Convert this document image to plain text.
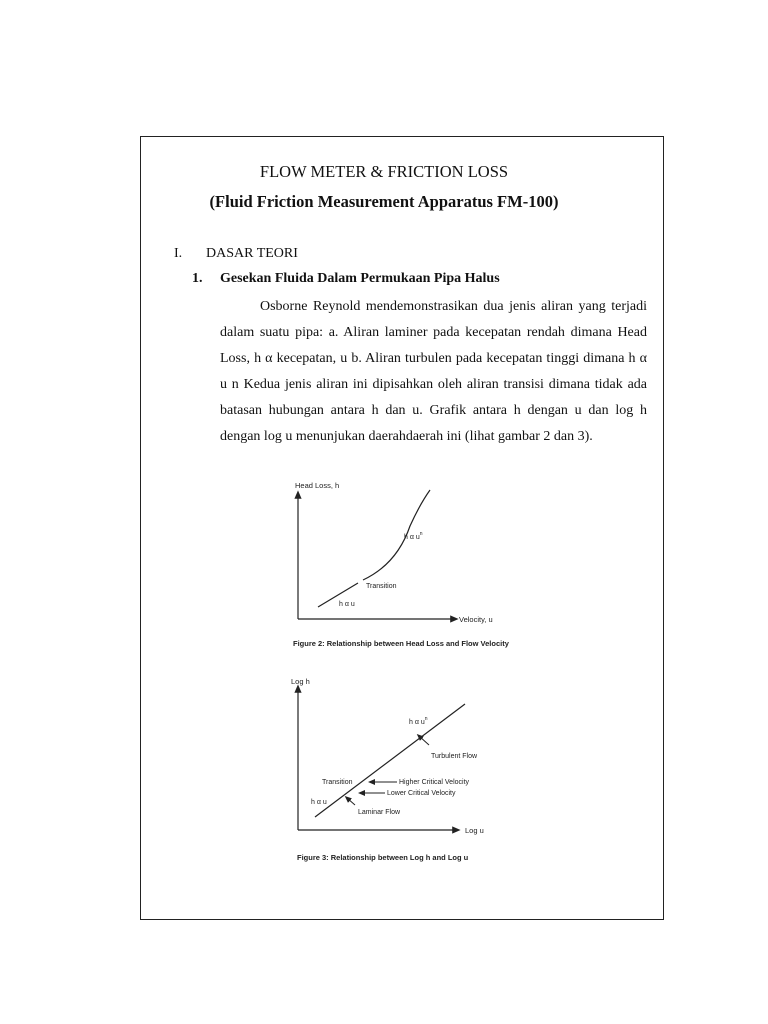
FLOW METER & FRICTION LOSS
(Fluid Friction Measurement Apparatus FM-100)
I. DASAR TEORI
1. Gesekan Fluida Dalam Permukaan Pipa Halus

Osborne Reynold mendemonstrasikan dua jenis aliran yang terjadi dalam suatu pipa: a. Aliran laminer pada kecepatan rendah dimana Head Loss, h α kecepatan, u b. Aliran turbulen pada kecepatan tinggi dimana h α u n Kedua jenis aliran ini dipisahkan oleh aliran transisi dimana tidak ada batasan hubungan antara h dan u. Grafik antara h dengan u dan log h dengan log u menunjukan daerahdaerah ini (lihat gambar 2 dan 3).

Head Loss, h
Velocity, u
h α $u^n$
Transition
h α u
Figure 2: Relationship between Head Loss and Flow Velocity
Log h
Log u
h α $u^n$
Turbulent Flow
Transition	Higher Critical Velocity
Lower Critical Velocity
h α u
Laminar Flow
Figure 3: Relationship between Log h and Log u
